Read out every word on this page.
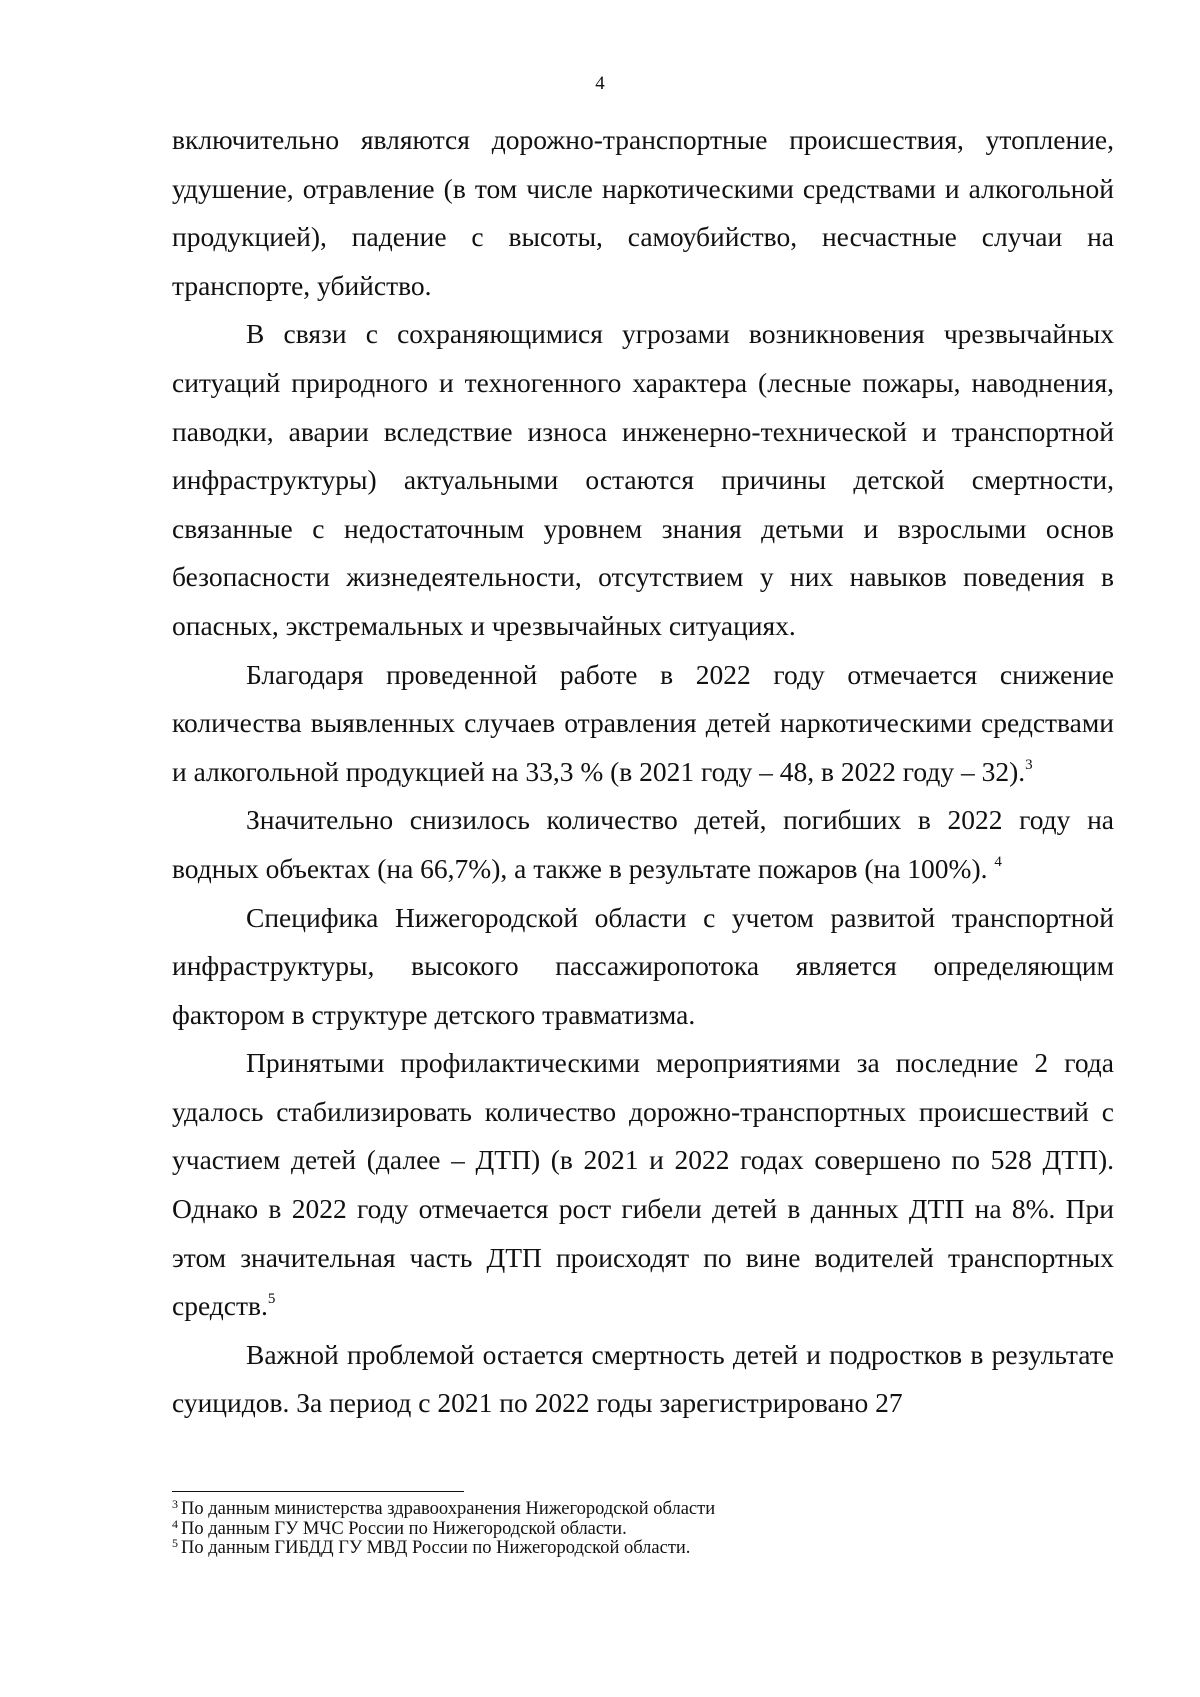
4

включительно являются дорожно-транспортные происшествия, утопление, удушение, отравление (в том числе наркотическими средствами и алкогольной продукцией), падение с высоты, самоубийство, несчастные случаи на транспорте, убийство.

В связи с сохраняющимися угрозами возникновения чрезвычайных ситуаций природного и техногенного характера (лесные пожары, наводнения, паводки, аварии вследствие износа инженерно-технической и транспортной инфраструктуры) актуальными остаются причины детской смертности, связанные с недостаточным уровнем знания детьми и взрослыми основ безопасности жизнедеятельности, отсутствием у них навыков поведения в опасных, экстремальных и чрезвычайных ситуациях.

Благодаря проведенной работе в 2022 году отмечается снижение количества выявленных случаев отравления детей наркотическими средствами и алкогольной продукцией на 33,3 % (в 2021 году – 48, в 2022 году – 32).$^3$

Значительно снизилось количество детей, погибших в 2022 году на водных объектах (на 66,7%), а также в результате пожаров (на 100%). $^4$

Специфика Нижегородской области с учетом развитой транспортной инфраструктуры, высокого пассажиропотока является определяющим фактором в структуре детского травматизма.

Принятыми профилактическими мероприятиями за последние 2 года удалось стабилизировать количество дорожно-транспортных происшествий с участием детей (далее – ДТП) (в 2021 и 2022 годах совершено по 528 ДТП). Однако в 2022 году отмечается рост гибели детей в данных ДТП на 8%. При этом значительная часть ДТП происходят по вине водителей транспортных средств.$^5$

Важной проблемой остается смертность детей и подростков в результате суицидов. За период с 2021 по 2022 годы зарегистрировано 27

$^3$ По данным министерства здравоохранения Нижегородской области

$^4$ По данным ГУ МЧС России по Нижегородской области.

$^5$ По данным ГИБДД ГУ МВД России по Нижегородской области.
